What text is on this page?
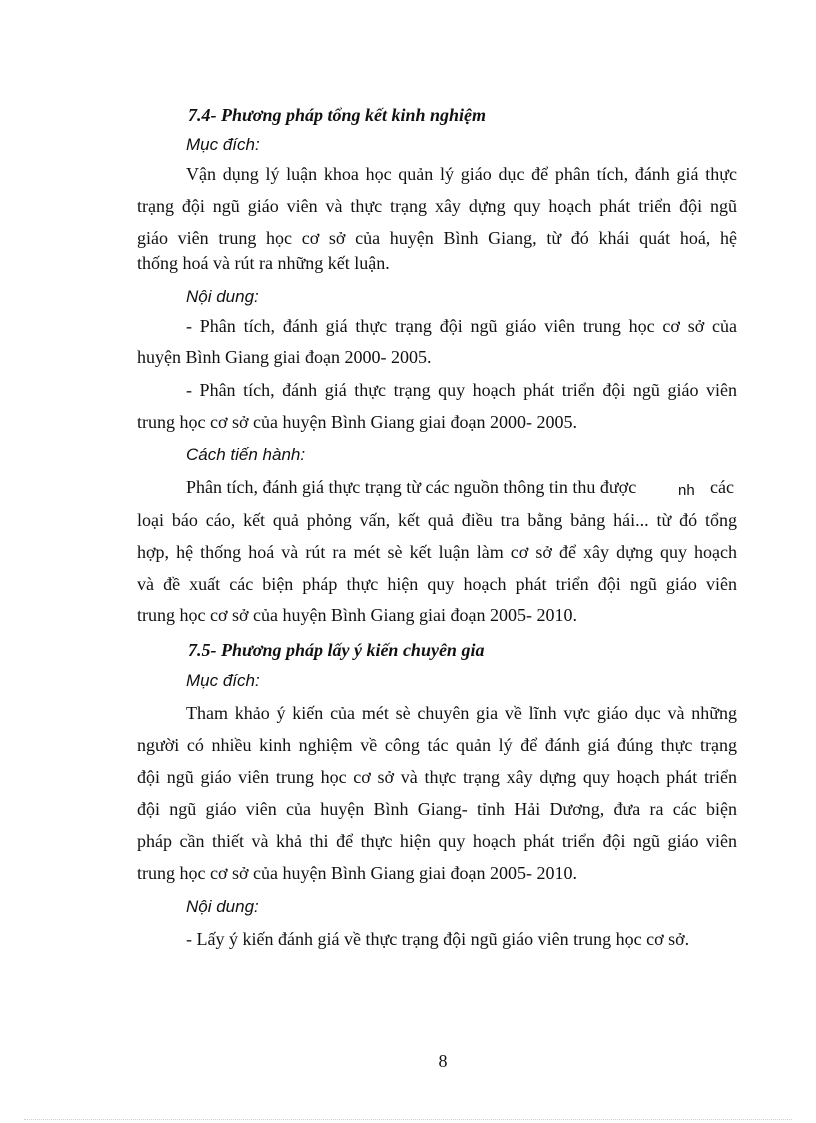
7.4- Phương pháp tổng kết kinh nghiệm
Mục đích:
Vận dụng lý luận khoa học quản lý giáo dục để phân tích, đánh giá thực
trạng đội ngũ giáo viên và thực trạng xây dựng quy hoạch phát triển đội ngũ
giáo viên trung học cơ sở của huyện Bình Giang, từ đó khái quát hoá, hệ
thống hoá và rút ra những kết luận.
Nội dung:
- Phân tích, đánh giá thực trạng đội ngũ giáo viên trung học cơ sở của
huyện Bình Giang giai đoạn 2000- 2005.
- Phân tích, đánh giá thực trạng quy hoạch phát triển đội ngũ giáo viên
trung học cơ sở của huyện Bình Giang giai đoạn 2000- 2005.
Cách tiến hành:
Phân tích, đánh giá thực trạng từ các nguồn thông tin thu được	nh các
loại báo cáo, kết quả phỏng vấn, kết quả điều tra bằng bảng hái... từ đó tổng
hợp, hệ thống hoá và rút ra mét sè kết luận làm cơ sở để xây dựng quy hoạch
và đề xuất các biện pháp thực hiện quy hoạch phát triển đội ngũ giáo viên
trung học cơ sở của huyện Bình Giang giai đoạn 2005- 2010.
7.5- Phương pháp lấy ý kiến chuyên gia
Mục đích:
Tham khảo ý kiến của mét sè chuyên gia về lĩnh vực giáo dục và những
người có nhiều kinh nghiệm về công tác quản lý để đánh giá đúng thực trạng
đội ngũ giáo viên trung học cơ sở và thực trạng xây dựng quy hoạch phát triển
đội ngũ giáo viên của huyện Bình Giang- tỉnh Hải Dương, đưa ra các biện
pháp cần thiết và khả thi để thực hiện quy hoạch phát triển đội ngũ giáo viên
trung học cơ sở của huyện Bình Giang giai đoạn 2005- 2010.
Nội dung:
- Lấy ý kiến đánh giá về thực trạng đội ngũ giáo viên trung học cơ sở.
8
